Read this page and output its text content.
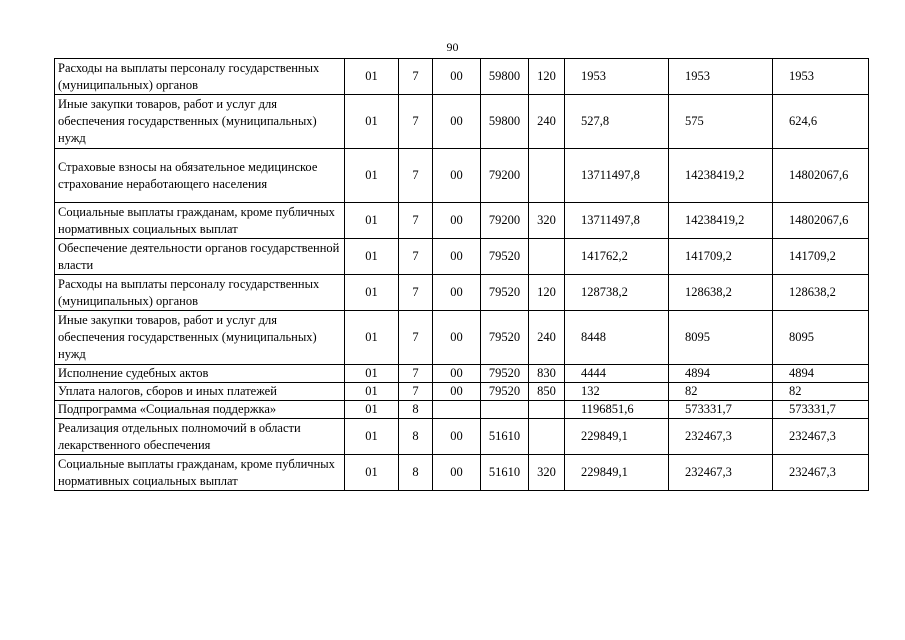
90
Расходы на выплаты персоналу государственных (муниципальных) органов	01	7	00	59800	120	1953	1953	1953
Иные закупки товаров, работ и услуг для обеспечения государственных (муниципальных) нужд	01	7	00	59800	240	527,8	575	624,6
Страховые взносы на обязательное медицинское страхование неработающего населения	01	7	00	79200		13711497,8	14238419,2	14802067,6
Социальные выплаты гражданам, кроме публичных нормативных социальных выплат	01	7	00	79200	320	13711497,8	14238419,2	14802067,6
Обеспечение деятельности органов государственной власти	01	7	00	79520		141762,2	141709,2	141709,2
Расходы на выплаты персоналу государственных (муниципальных) органов	01	7	00	79520	120	128738,2	128638,2	128638,2
Иные закупки товаров, работ и услуг для обеспечения государственных (муниципальных) нужд	01	7	00	79520	240	8448	8095	8095
Исполнение судебных актов	01	7	00	79520	830	4444	4894	4894
Уплата налогов, сборов и иных платежей	01	7	00	79520	850	132	82	82
Подпрограмма «Социальная поддержка»	01	8				1196851,6	573331,7	573331,7
Реализация отдельных полномочий в области лекарственного обеспечения	01	8	00	51610		229849,1	232467,3	232467,3
Социальные выплаты гражданам, кроме публичных нормативных социальных выплат	01	8	00	51610	320	229849,1	232467,3	232467,3
